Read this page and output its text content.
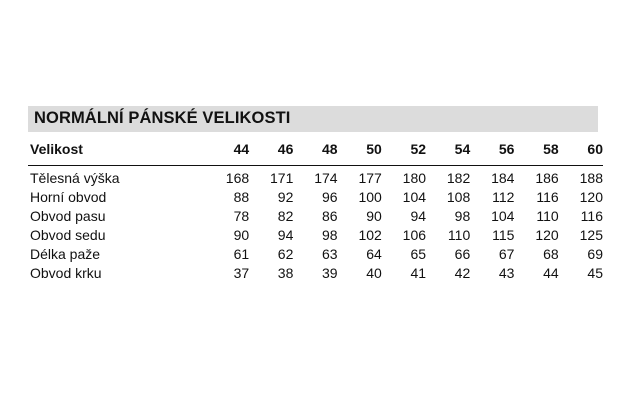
NORMÁLNÍ PÁNSKÉ VELIKOSTI
Velikost	44	46	48	50	52	54	56	58	60
Tělesná výška	168	171	174	177	180	182	184	186	188
Horní obvod	88	92	96	100	104	108	112	116	120
Obvod pasu	78	82	86	90	94	98	104	110	116
Obvod sedu	90	94	98	102	106	110	115	120	125
Délka paže	61	62	63	64	65	66	67	68	69
Obvod krku	37	38	39	40	41	42	43	44	45
